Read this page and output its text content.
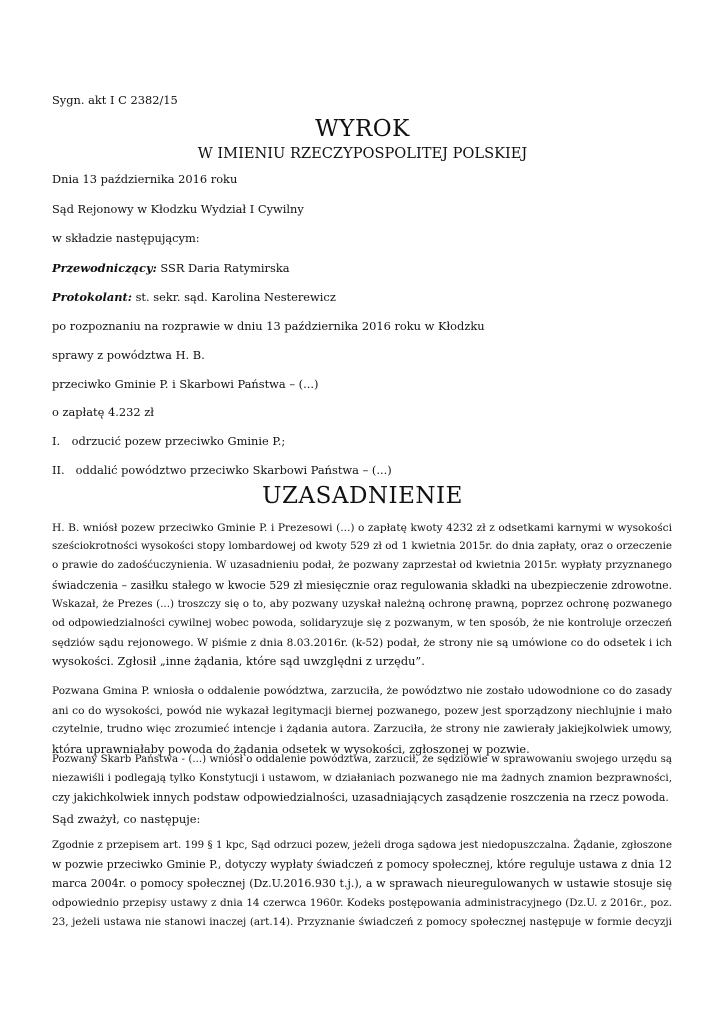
Sygn. akt I C 2382/15
WYROK
W IMIENIU RZECZYPOSPOLITEJ POLSKIEJ
Dnia 13 października 2016 roku
Sąd Rejonowy w Kłodzku Wydział I Cywilny
w składzie następującym:
Przewodniczący: SSR Daria Ratymirska
Protokolant: st. sekr. sąd. Karolina Nesterewicz
po rozpoznaniu na rozprawie w dniu 13 października 2016 roku w Kłodzku
sprawy z powództwa H. B.
przeciwko Gminie P. i Skarbowi Państwa – (...)
o zapłatę 4.232 zł
I. odrzucić pozew przeciwko Gminie P.;
II. oddalić powództwo przeciwko Skarbowi Państwa – (...)
UZASADNIENIE
H. B. wniósł pozew przeciwko Gminie P. i Prezesowi (...) o zapłatę kwoty 4232 zł z odsetkami karnymi w wysokości
sześciokrotności wysokości stopy lombardowej od kwoty 529 zł od 1 kwietnia 2015r. do dnia zapłaty, oraz o orzeczenie
o prawie do zadośćuczynienia. W uzasadnieniu podał, że pozwany zaprzestał od kwietnia 2015r. wypłaty przyznanego
świadczenia – zasiłku stałego w kwocie 529 zł miesięcznie oraz regulowania składki na ubezpieczenie zdrowotne.
Wskazał, że Prezes (...) troszczy się o to, aby pozwany uzyskał należną ochronę prawną, poprzez ochronę pozwanego
od odpowiedzialności cywilnej wobec powoda, solidaryzuje się z pozwanym, w ten sposób, że nie kontroluje orzeczeń
sędziów sądu rejonowego. W piśmie z dnia 8.03.2016r. (k-52) podał, że strony nie są umówione co do odsetek i ich
wysokości. Zgłosił „inne żądania, które sąd uwzględni z urzędu”.
Pozwana Gmina P. wniosła o oddalenie powództwa, zarzuciła, że powództwo nie zostało udowodnione co do zasady
ani co do wysokości, powód nie wykazał legitymacji biernej pozwanego, pozew jest sporządzony niechlujnie i mało
czytelnie, trudno więc zrozumieć intencje i żądania autora. Zarzuciła, że strony nie zawierały jakiejkolwiek umowy,
która uprawniałaby powoda do żądania odsetek w wysokości, zgłoszonej w pozwie.
Pozwany Skarb Państwa - (...) wniósł o oddalenie powództwa, zarzucił, że sędziowie w sprawowaniu swojego urzędu są
niezawiśli i podlegają tylko Konstytucji i ustawom, w działaniach pozwanego nie ma żadnych znamion bezprawności,
czy jakichkolwiek innych podstaw odpowiedzialności, uzasadniających zasądzenie roszczenia na rzecz powoda.
Sąd zważył, co następuje:
Zgodnie z przepisem art. 199 § 1 kpc, Sąd odrzuci pozew, jeżeli droga sądowa jest niedopuszczalna. Żądanie, zgłoszone
w pozwie przeciwko Gminie P., dotyczy wypłaty świadczeń z pomocy społecznej, które reguluje ustawa z dnia 12
marca 2004r. o pomocy społecznej (Dz.U.2016.930 t.j.), a w sprawach nieuregulowanych w ustawie stosuje się
odpowiednio przepisy ustawy z dnia 14 czerwca 1960r. Kodeks postępowania administracyjnego (Dz.U. z 2016r., poz.
23, jeżeli ustawa nie stanowi inaczej (art.14). Przyznanie świadczeń z pomocy społecznej następuje w formie decyzji
